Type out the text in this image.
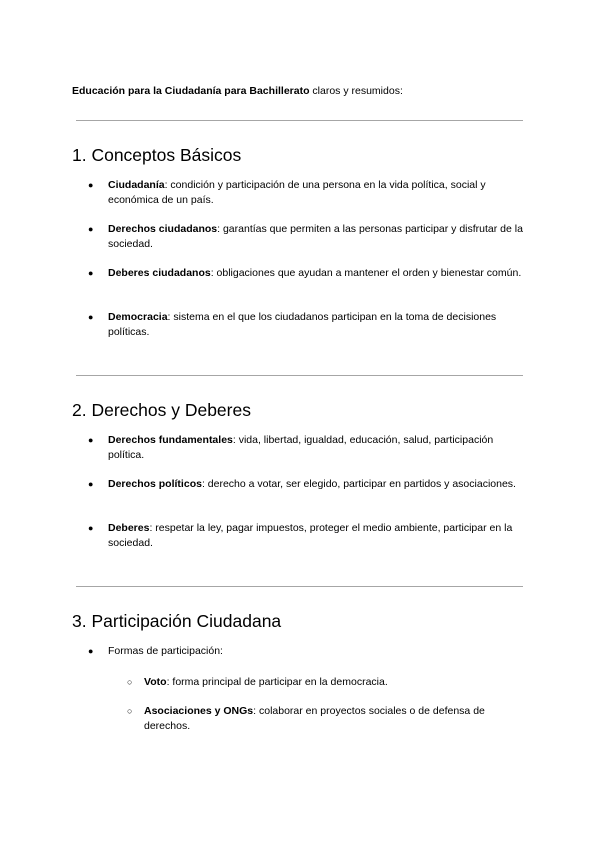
Educación para la Ciudadanía para Bachillerato claros y resumidos:
1. Conceptos Básicos
● Ciudadanía: condición y participación de una persona en la vida política, social y económica de un país.
● Derechos ciudadanos: garantías que permiten a las personas participar y disfrutar de la sociedad.
● Deberes ciudadanos: obligaciones que ayudan a mantener el orden y bienestar común.
● Democracia: sistema en el que los ciudadanos participan en la toma de decisiones políticas.
2. Derechos y Deberes
● Derechos fundamentales: vida, libertad, igualdad, educación, salud, participación política.
● Derechos políticos: derecho a votar, ser elegido, participar en partidos y asociaciones.
● Deberes: respetar la ley, pagar impuestos, proteger el medio ambiente, participar en la sociedad.
3. Participación Ciudadana
● Formas de participación:
○ Voto: forma principal de participar en la democracia.
○ Asociaciones y ONGs: colaborar en proyectos sociales o de defensa de derechos.
